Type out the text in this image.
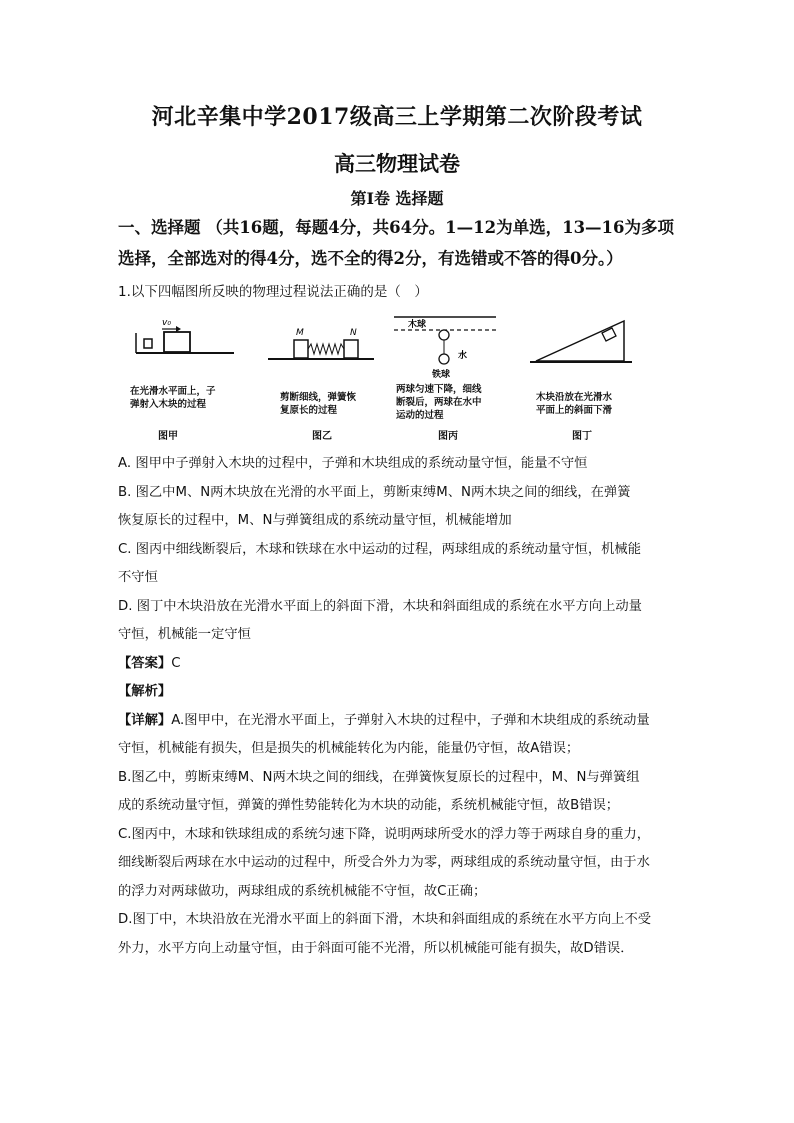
河北辛集中学2017级高三上学期第二次阶段考试
高三物理试卷
第Ⅰ卷 选择题
一、选择题 （共16题，每题4分，共64分。1—12为单选，13—16为多项选择，全部选对的得4分，选不全的得2分，有选错或不答的得0分。）
1.以下四幅图所反映的物理过程说法正确的是（　）
v₀
在光滑水平面上，子
弹射入木块的过程
图甲
M	N
剪断细线，弹簧恢
复原长的过程
图乙
木球
水
铁球
两球匀速下降，细线
断裂后，两球在水中
运动的过程
图丙
木块沿放在光滑水
平面上的斜面下滑
图丁

A. 图甲中子弹射入木块的过程中，子弹和木块组成的系统动量守恒，能量不守恒

B. 图乙中M、N两木块放在光滑的水平面上，剪断束缚M、N两木块之间的细线，在弹簧

恢复原长的过程中，M、N与弹簧组成的系统动量守恒，机械能增加

C. 图丙中细线断裂后，木球和铁球在水中运动的过程，两球组成的系统动量守恒，机械能

不守恒

D. 图丁中木块沿放在光滑水平面上的斜面下滑，木块和斜面组成的系统在水平方向上动量

守恒，机械能一定守恒

【答案】C

【解析】

【详解】A.图甲中，在光滑水平面上，子弹射入木块的过程中，子弹和木块组成的系统动量

守恒，机械能有损失，但是损失的机械能转化为内能，能量仍守恒，故A错误；

B.图乙中，剪断束缚M、N两木块之间的细线，在弹簧恢复原长的过程中，M、N与弹簧组

成的系统动量守恒，弹簧的弹性势能转化为木块的动能，系统机械能守恒，故B错误；

C.图丙中，木球和铁球组成的系统匀速下降，说明两球所受水的浮力等于两球自身的重力，

细线断裂后两球在水中运动的过程中，所受合外力为零，两球组成的系统动量守恒，由于水

的浮力对两球做功，两球组成的系统机械能不守恒，故C正确；

D.图丁中，木块沿放在光滑水平面上的斜面下滑，木块和斜面组成的系统在水平方向上不受

外力，水平方向上动量守恒，由于斜面可能不光滑，所以机械能可能有损失，故D错误．
